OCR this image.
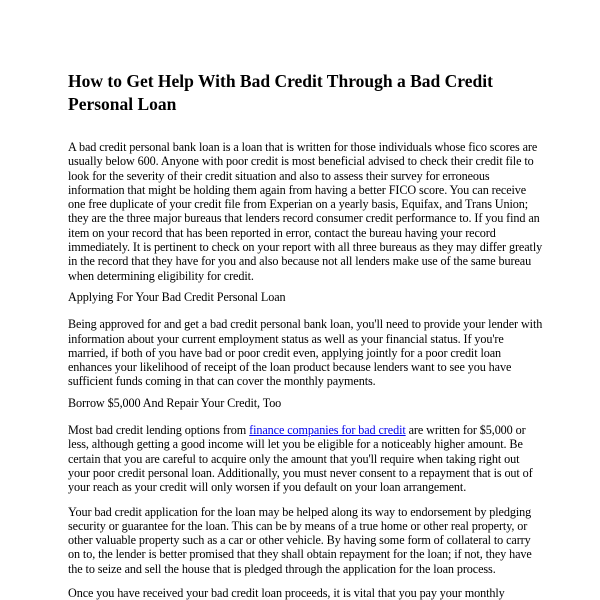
How to Get Help With Bad Credit Through a Bad Credit Personal Loan

A bad credit personal bank loan is a loan that is written for those individuals whose fico scores are usually below 600. Anyone with poor credit is most beneficial advised to check their credit file to look for the severity of their credit situation and also to assess their survey for erroneous information that might be holding them again from having a better FICO score. You can receive one free duplicate of your credit file from Experian on a yearly basis, Equifax, and Trans Union; they are the three major bureaus that lenders record consumer credit performance to. If you find an item on your record that has been reported in error, contact the bureau having your record immediately. It is pertinent to check on your report with all three bureaus as they may differ greatly in the record that they have for you and also because not all lenders make use of the same bureau when determining eligibility for credit.

Applying For Your Bad Credit Personal Loan

Being approved for and get a bad credit personal bank loan, you'll need to provide your lender with information about your current employment status as well as your financial status. If you're married, if both of you have bad or poor credit even, applying jointly for a poor credit loan enhances your likelihood of receipt of the loan product because lenders want to see you have sufficient funds coming in that can cover the monthly payments.

Borrow $5,000 And Repair Your Credit, Too

Most bad credit lending options from finance companies for bad credit are written for $5,000 or less, although getting a good income will let you be eligible for a noticeably higher amount. Be certain that you are careful to acquire only the amount that you'll require when taking right out your poor credit personal loan. Additionally, you must never consent to a repayment that is out of your reach as your credit will only worsen if you default on your loan arrangement.

Your bad credit application for the loan may be helped along its way to endorsement by pledging security or guarantee for the loan. This can be by means of a true home or other real property, or other valuable property such as a car or other vehicle. By having some form of collateral to carry on to, the lender is better promised that they shall obtain repayment for the loan; if not, they have the to seize and sell the house that is pledged through the application for the loan process.

Once you have received your bad credit loan proceeds, it is vital that you pay your monthly
